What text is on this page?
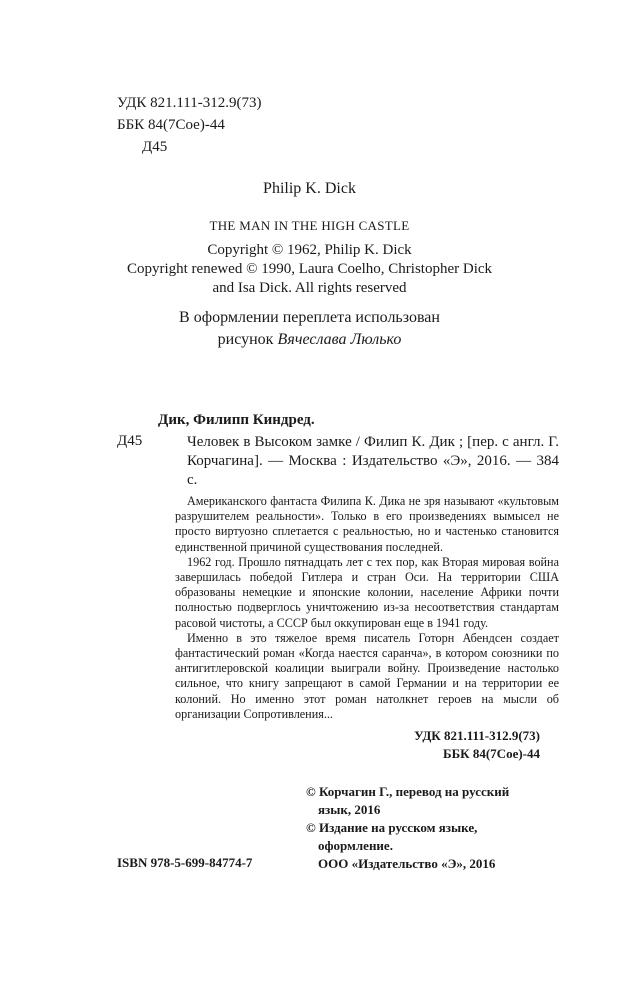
УДК 821.111-312.9(73)
ББК 84(7Сое)-44
Д45
Philip K. Dick
THE MAN IN THE HIGH CASTLE
Copyright © 1962, Philip K. Dick
Copyright renewed © 1990, Laura Coelho, Christopher Dick
and Isa Dick. All rights reserved
В оформлении переплета использован
рисунок Вячеслава Люлько
Дик, Филипп Киндред.
Д45	Человек в Высоком замке / Филип К. Дик ; [пер. с англ. Г. Корчагина]. — Москва : Издательство «Э», 2016. — 384 с.

Американского фантаста Филипа К. Дика не зря называют «культовым разрушителем реальности». Только в его произведениях вымысел не просто виртуозно сплетается с реальностью, но и частенько становится единственной причиной существования последней.

1962 год. Прошло пятнадцать лет с тех пор, как Вторая мировая война завершилась победой Гитлера и стран Оси. На территории США образованы немецкие и японские колонии, население Африки почти полностью подверглось уничтожению из-за несоответствия стандартам расовой чистоты, а СССР был оккупирован еще в 1941 году.

Именно в это тяжелое время писатель Готорн Абендсен создает фантастический роман «Когда наестся саранча», в котором союзники по антигитлеровской коалиции выиграли войну. Произведение настолько сильное, что книгу запрещают в самой Германии и на территории ее колоний. Но именно этот роман натолкнет героев на мысли об организации Сопротивления...

УДК 821.111-312.9(73)
ББК 84(7Сое)-44
© Корчагин Г., перевод на русский
язык, 2016
© Издание на русском языке,
оформление.
ООО «Издательство «Э», 2016
ISBN 978-5-699-84774-7
